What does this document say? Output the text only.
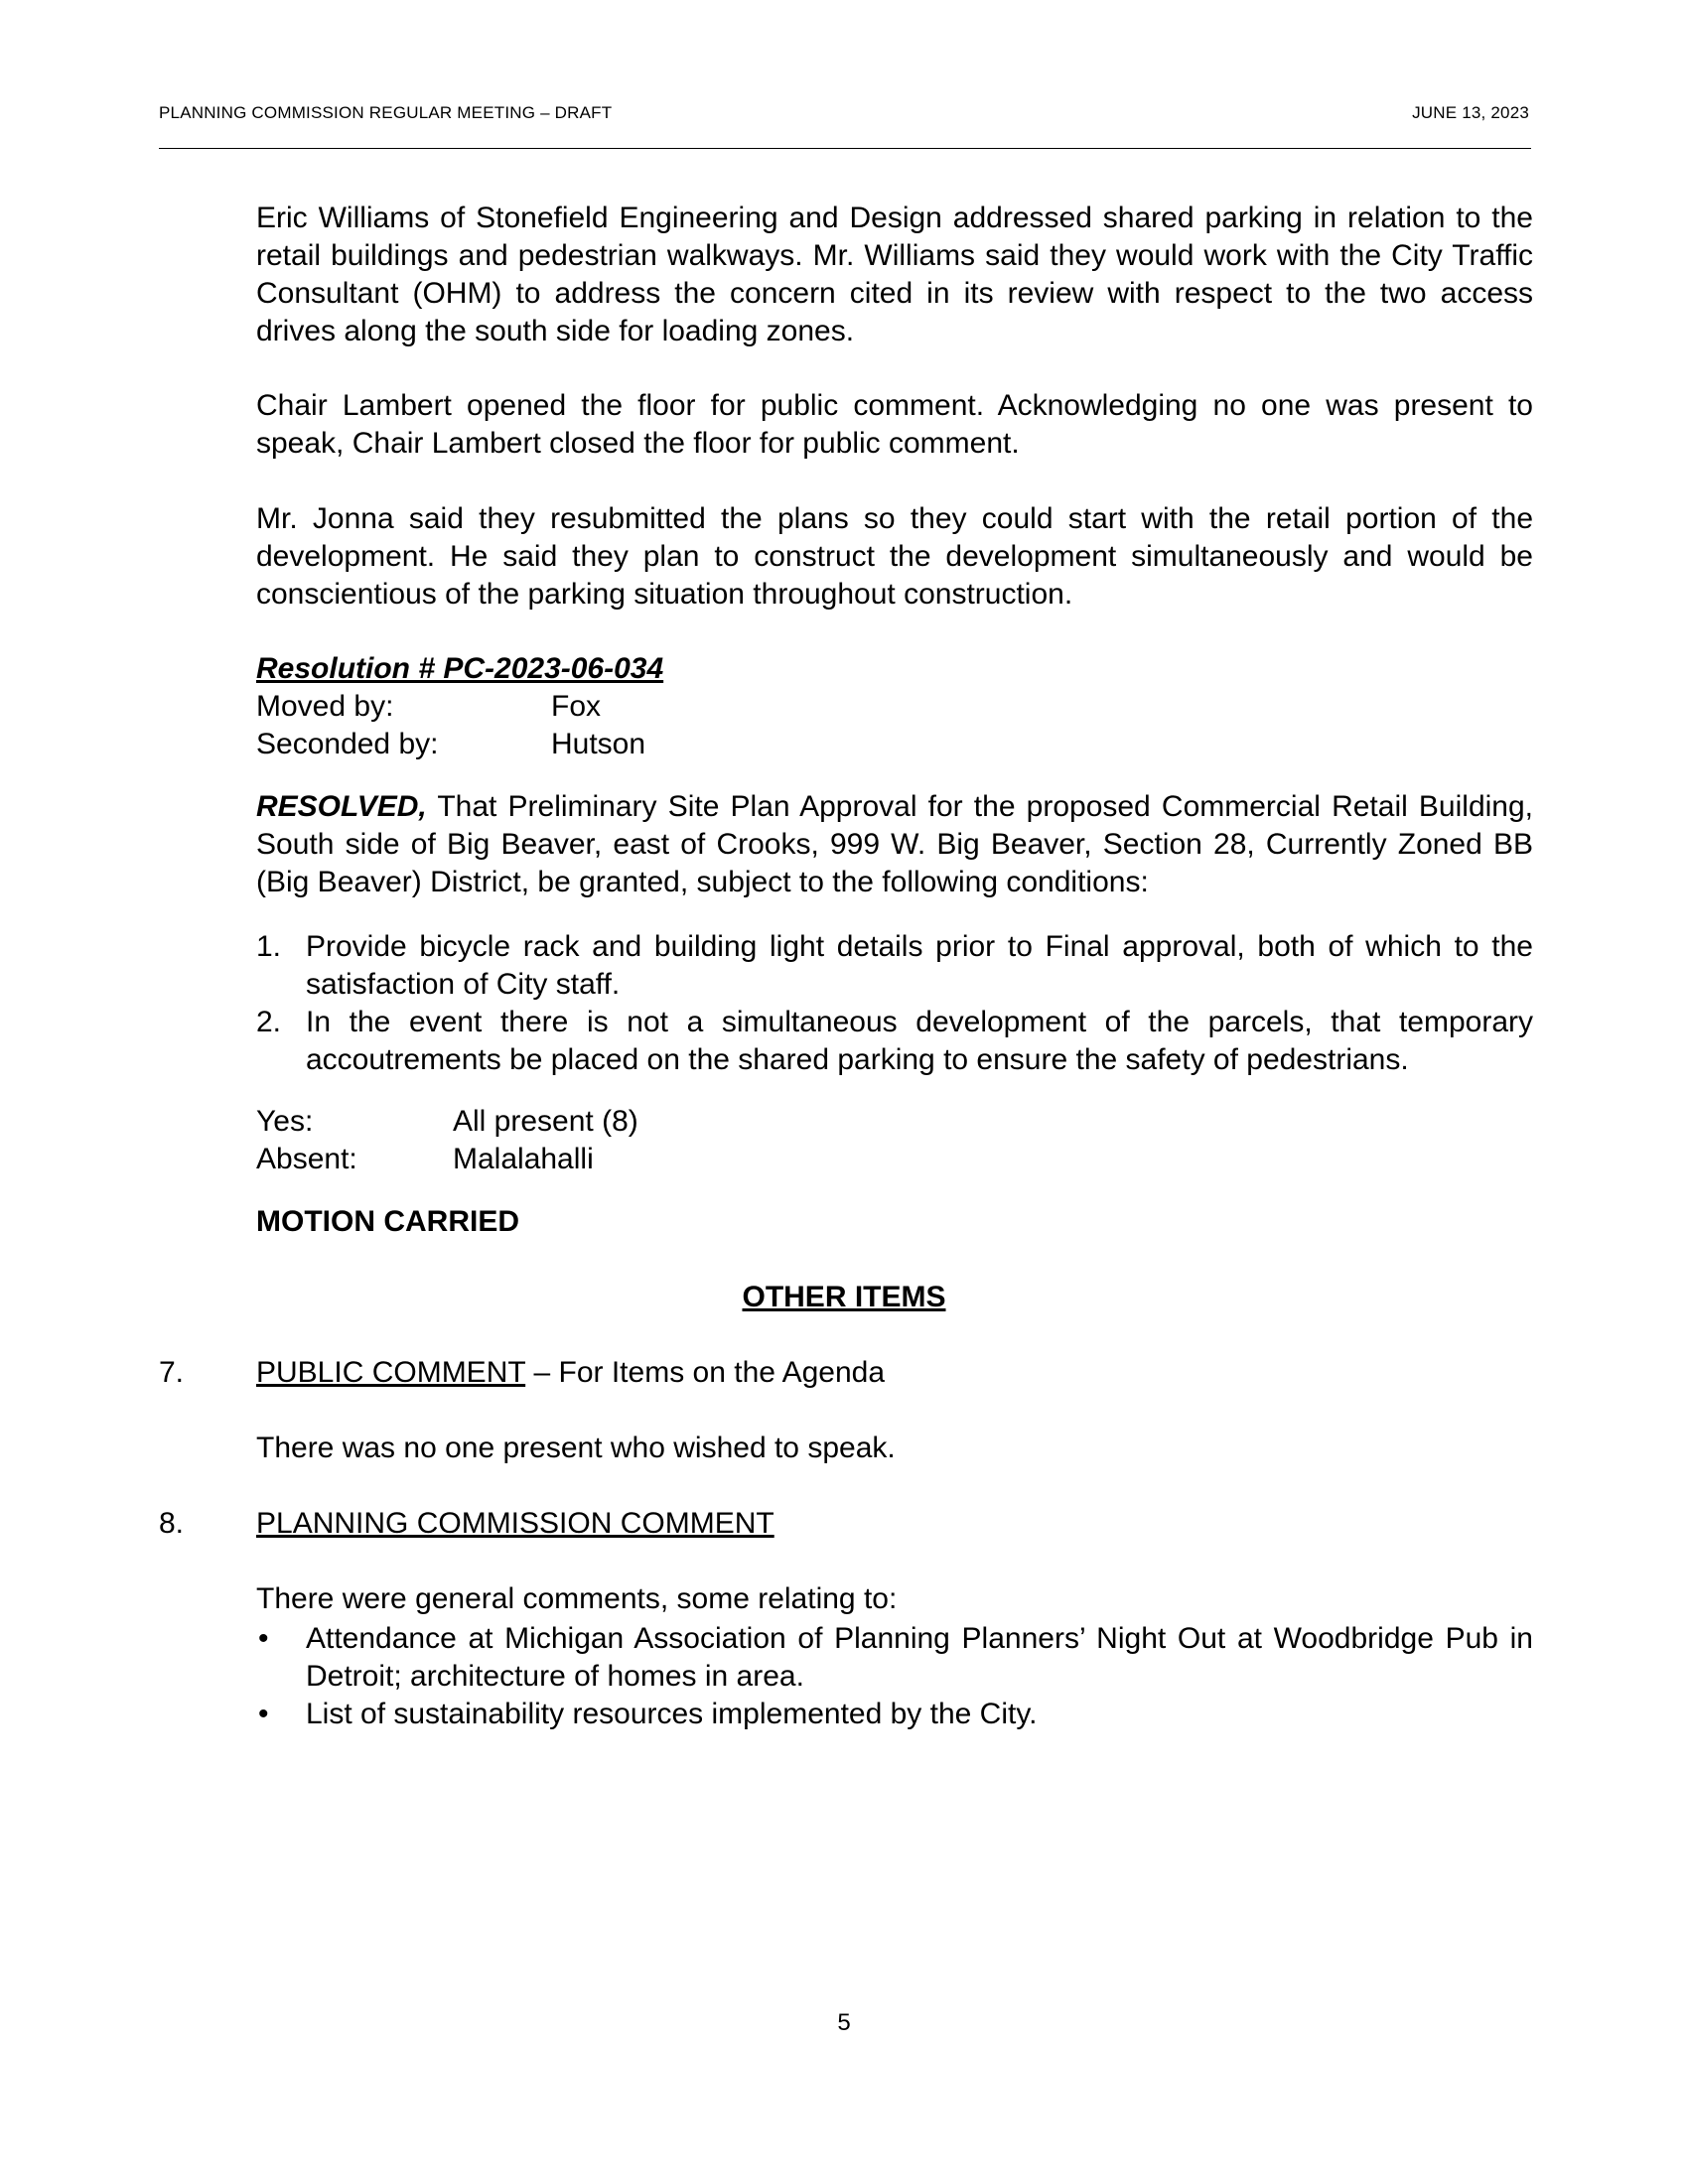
PLANNING COMMISSION REGULAR MEETING – DRAFT	JUNE 13, 2023
Eric Williams of Stonefield Engineering and Design addressed shared parking in relation to the retail buildings and pedestrian walkways. Mr. Williams said they would work with the City Traffic Consultant (OHM) to address the concern cited in its review with respect to the two access drives along the south side for loading zones.
Chair Lambert opened the floor for public comment. Acknowledging no one was present to speak, Chair Lambert closed the floor for public comment.
Mr. Jonna said they resubmitted the plans so they could start with the retail portion of the development. He said they plan to construct the development simultaneously and would be conscientious of the parking situation throughout construction.
Resolution # PC-2023-06-034
Moved by:	Fox
Seconded by:	Hutson
RESOLVED, That Preliminary Site Plan Approval for the proposed Commercial Retail Building, South side of Big Beaver, east of Crooks, 999 W. Big Beaver, Section 28, Currently Zoned BB (Big Beaver) District, be granted, subject to the following conditions:
1. Provide bicycle rack and building light details prior to Final approval, both of which to the satisfaction of City staff.
2. In the event there is not a simultaneous development of the parcels, that temporary accoutrements be placed on the shared parking to ensure the safety of pedestrians.
Yes:	All present (8)
Absent:	Malalahalli
MOTION CARRIED
OTHER ITEMS
7. PUBLIC COMMENT – For Items on the Agenda
There was no one present who wished to speak.
8. PLANNING COMMISSION COMMENT
There were general comments, some relating to:
• Attendance at Michigan Association of Planning Planners’ Night Out at Woodbridge Pub in Detroit; architecture of homes in area.
• List of sustainability resources implemented by the City.
5
